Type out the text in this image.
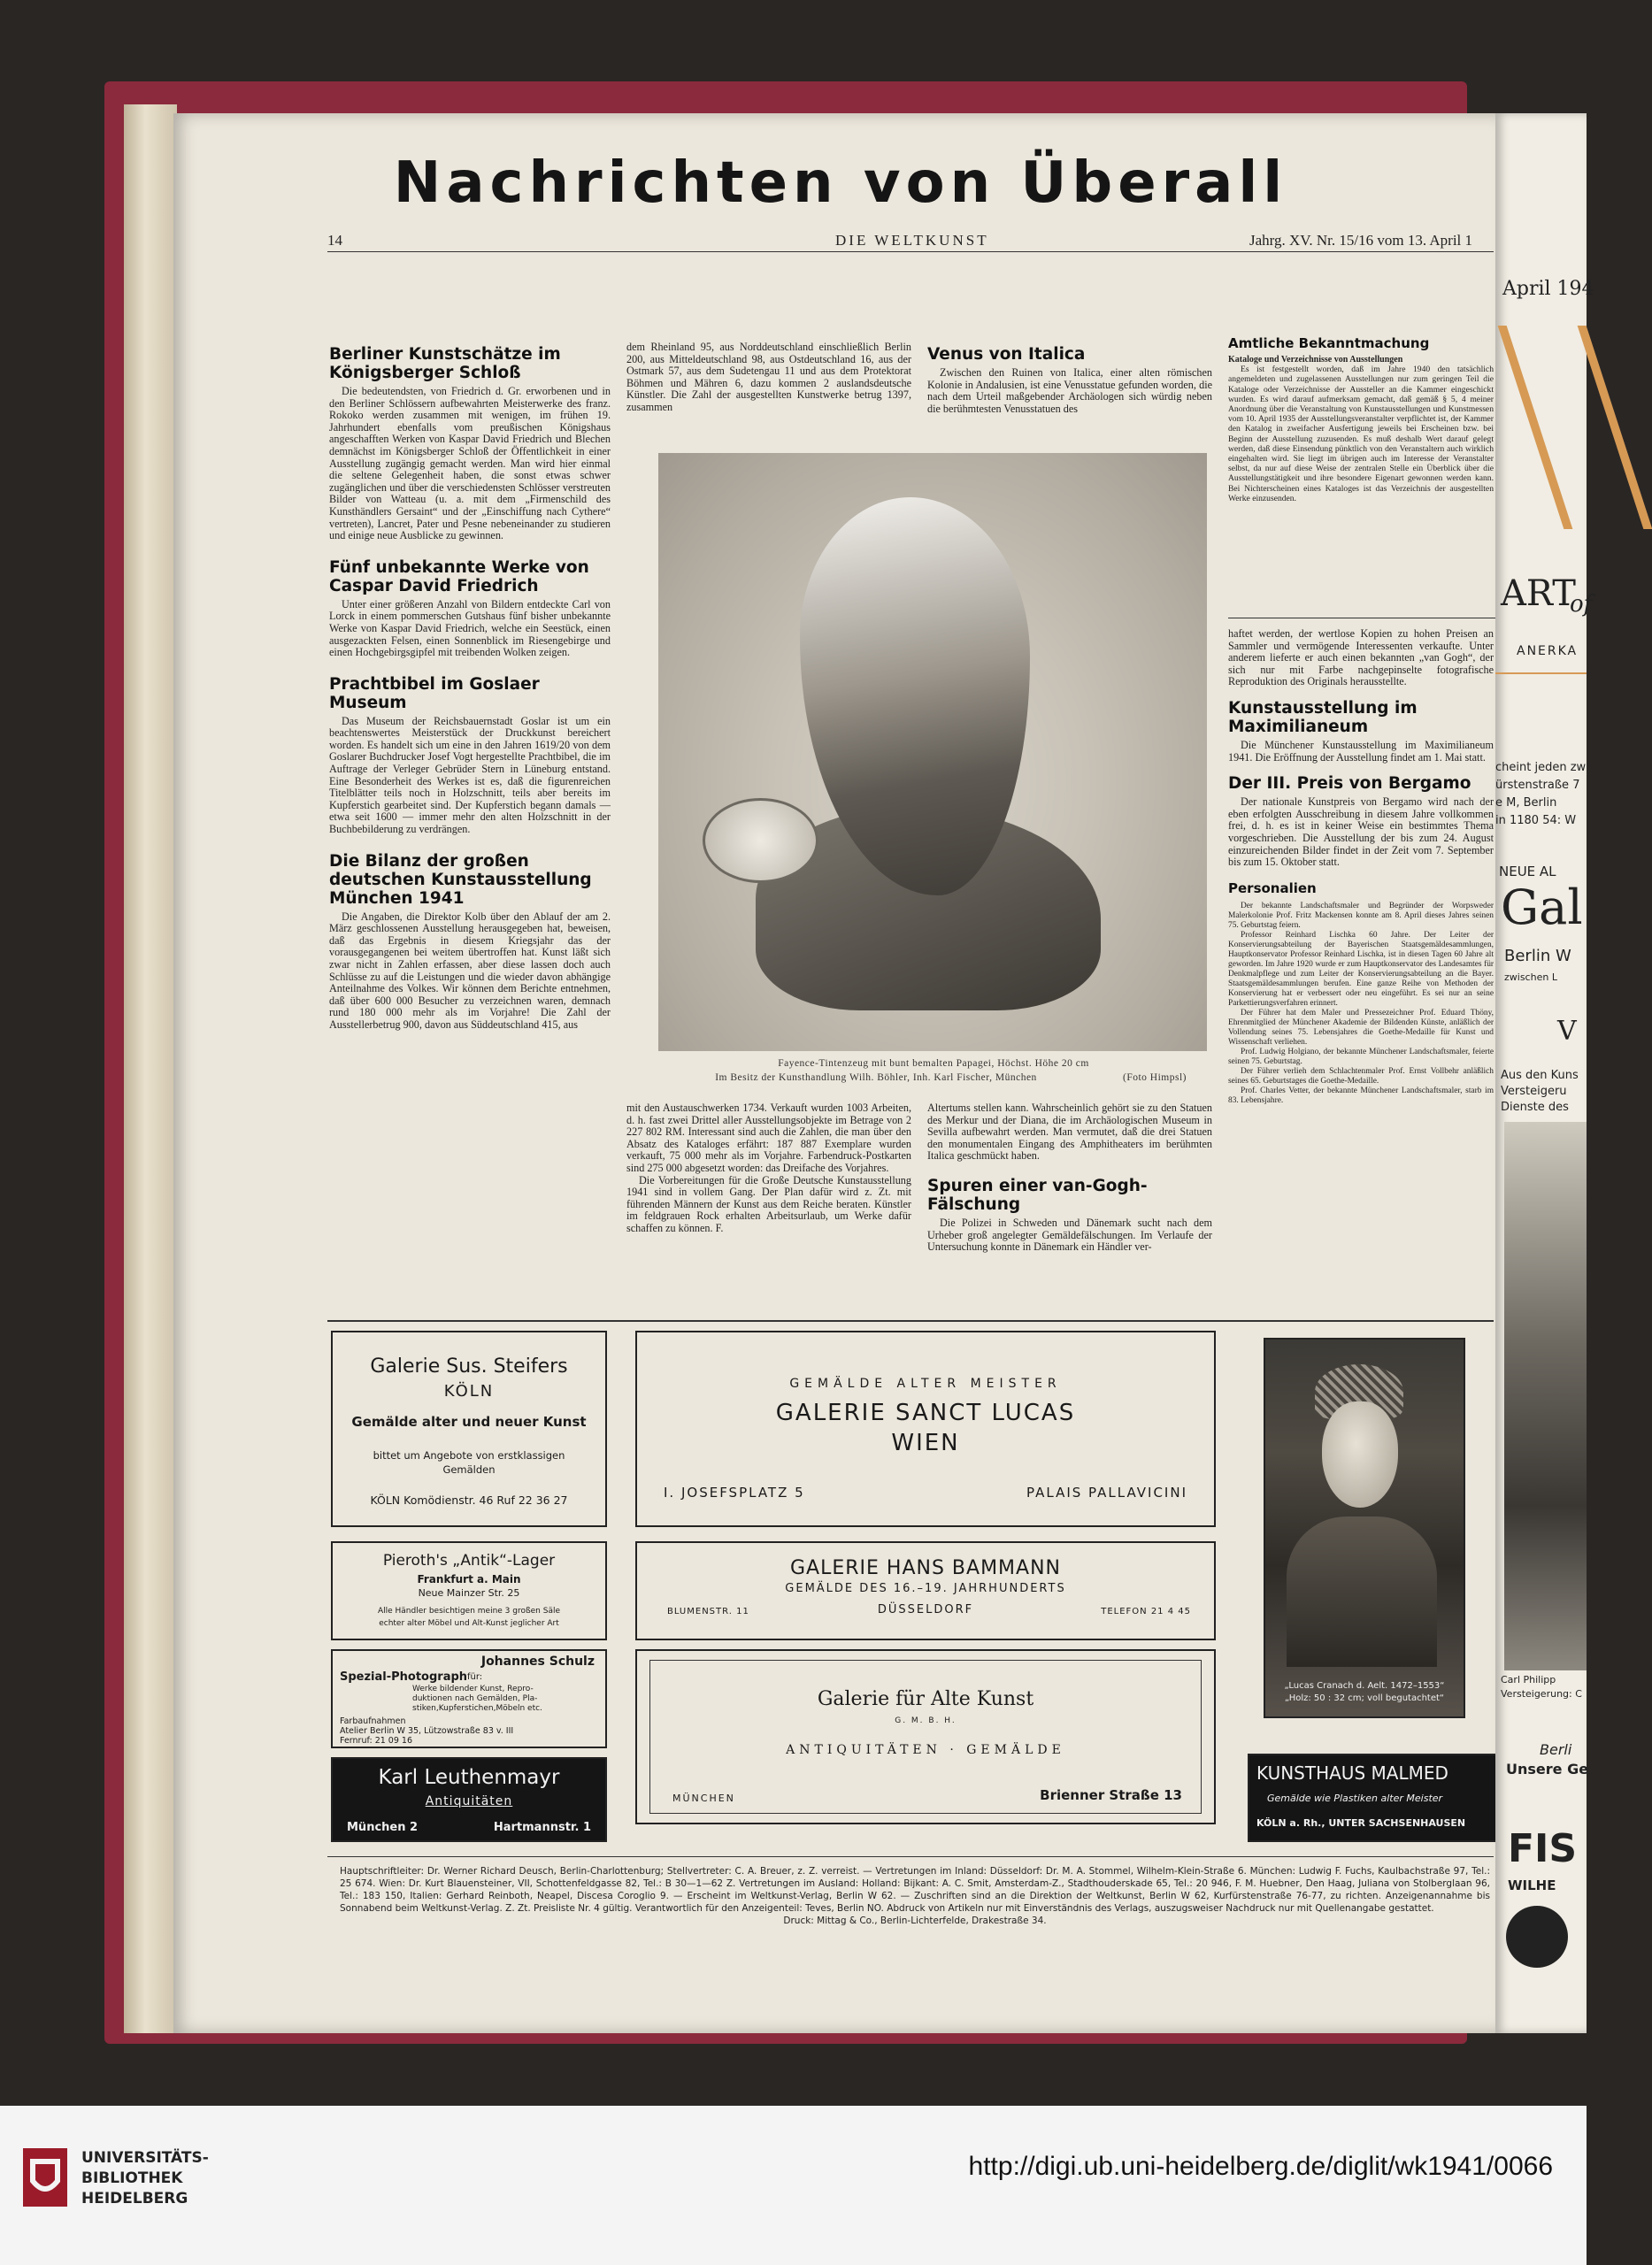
14	DIE WELTKUNST	Jahrg. XV. Nr. 15/16 vom 13. April 1
Nachrichten von Überall
Berliner Kunstschätze im Königsberger Schloß

Die bedeutendsten, von Friedrich d. Gr. erworbenen und in den Berliner Schlössern aufbewahrten Meisterwerke des franz. Rokoko werden zusammen mit wenigen, im frühen 19. Jahrhundert ebenfalls vom preußischen Königshaus angeschafften Werken von Kaspar David Friedrich und Blechen demnächst im Königsberger Schloß der Öffentlichkeit in einer Ausstellung zugängig gemacht werden. Man wird hier einmal die seltene Gelegenheit haben, die sonst etwas schwer zugänglichen und über die verschiedensten Schlösser verstreuten Bilder von Watteau (u. a. mit dem „Firmenschild des Kunsthändlers Gersaint“ und der „Einschiffung nach Cythere“ vertreten), Lancret, Pater und Pesne nebeneinander zu studieren und einige neue Ausblicke zu gewinnen.

Fünf unbekannte Werke von Caspar David Friedrich

Unter einer größeren Anzahl von Bildern entdeckte Carl von Lorck in einem pommerschen Gutshaus fünf bisher unbekannte Werke von Kaspar David Friedrich, welche ein Seestück, einen ausgezackten Felsen, einen Sonnenblick im Riesengebirge und einen Hochgebirgsgipfel mit treibenden Wolken zeigen.

Prachtbibel im Goslaer Museum

Das Museum der Reichsbauernstadt Goslar ist um ein beachtenswertes Meisterstück der Druckkunst bereichert worden. Es handelt sich um eine in den Jahren 1619/20 von dem Goslarer Buchdrucker Josef Vogt hergestellte Prachtbibel, die im Auftrage der Verleger Gebrüder Stern in Lüneburg entstand. Eine Besonderheit des Werkes ist es, daß die figurenreichen Titelblätter teils noch in Holzschnitt, teils aber bereits im Kupferstich gearbeitet sind. Der Kupferstich begann damals — etwa seit 1600 — immer mehr den alten Holzschnitt in der Buchbebilderung zu verdrängen.

Die Bilanz der großen deutschen Kunstausstellung München 1941

Die Angaben, die Direktor Kolb über den Ablauf der am 2. März geschlossenen Ausstellung herausgegeben hat, beweisen, daß das Ergebnis in diesem Kriegsjahr das der vorausgegangenen bei weitem übertroffen hat. Kunst läßt sich zwar nicht in Zahlen erfassen, aber diese lassen doch auch Schlüsse zu auf die Leistungen und die wieder davon abhängige Anteilnahme des Volkes. Wir können dem Berichte entnehmen, daß über 600 000 Besucher zu verzeichnen waren, demnach rund 180 000 mehr als im Vorjahre! Die Zahl der Ausstellerbetrug 900, davon aus Süddeutschland 415, aus

dem Rheinland 95, aus Norddeutschland einschließlich Berlin 200, aus Mitteldeutschland 98, aus Ostdeutschland 16, aus der Ostmark 57, aus dem Sudetengau 11 und aus dem Protektorat Böhmen und Mähren 6, dazu kommen 2 auslandsdeutsche Künstler. Die Zahl der ausgestellten Kunstwerke betrug 1397, zusammen

Venus von Italica

Zwischen den Ruinen von Italica, einer alten römischen Kolonie in Andalusien, ist eine Venusstatue gefunden worden, die nach dem Urteil maßgebender Archäologen sich würdig neben die berühmtesten Venusstatuen des

Fayence-Tintenzeug mit bunt bemalten Papagei, Höchst. Höhe 20 cm
Im Besitz der Kunsthandlung Wilh. Böhler, Inh. Karl Fischer, München	(Foto Himpsl)

mit den Austauschwerken 1734. Verkauft wurden 1003 Arbeiten, d. h. fast zwei Drittel aller Ausstellungsobjekte im Betrage von 2 227 802 RM. Interessant sind auch die Zahlen, die man über den Absatz des Kataloges erfährt: 187 887 Exemplare wurden verkauft, 75 000 mehr als im Vorjahre. Farbendruck-Postkarten sind 275 000 abgesetzt worden: das Dreifache des Vorjahres.

Die Vorbereitungen für die Große Deutsche Kunstausstellung 1941 sind in vollem Gang. Der Plan dafür wird z. Zt. mit führenden Männern der Kunst aus dem Reiche beraten. Künstler im feldgrauen Rock erhalten Arbeitsurlaub, um Werke dafür schaffen zu können. F.

Altertums stellen kann. Wahrscheinlich gehört sie zu den Statuen des Merkur und der Diana, die im Archäologischen Museum in Sevilla aufbewahrt werden. Man vermutet, daß die drei Statuen den monumentalen Eingang des Amphitheaters im berühmten Italica geschmückt haben.

Spuren einer van-Gogh-Fälschung

Die Polizei in Schweden und Dänemark sucht nach dem Urheber groß angelegter Gemäldefälschungen. Im Verlaufe der Untersuchung konnte in Dänemark ein Händler ver-

Amtliche Bekanntmachung
Kataloge und Verzeichnisse von Ausstellungen

Es ist festgestellt worden, daß im Jahre 1940 den tatsächlich angemeldeten und zugelassenen Ausstellungen nur zum geringen Teil die Kataloge oder Verzeichnisse der Aussteller an die Kammer eingeschickt wurden. Es wird darauf aufmerksam gemacht, daß gemäß § 5, 4 meiner Anordnung über die Veranstaltung von Kunstausstellungen und Kunstmessen vom 10. April 1935 der Ausstellungsveranstalter verpflichtet ist, der Kammer den Katalog in zweifacher Ausfertigung jeweils bei Erscheinen bzw. bei Beginn der Ausstellung zuzusenden. Es muß deshalb Wert darauf gelegt werden, daß diese Einsendung pünktlich von den Veranstaltern auch wirklich eingehalten wird. Sie liegt im übrigen auch im Interesse der Veranstalter selbst, da nur auf diese Weise der zentralen Stelle ein Überblick über die Ausstellungstätigkeit und ihre besondere Eigenart gewonnen werden kann. Bei Nichterscheinen eines Kataloges ist das Verzeichnis der ausgestellten Werke einzusenden.

haftet werden, der wertlose Kopien zu hohen Preisen an Sammler und vermögende Interessenten verkaufte. Unter anderem lieferte er auch einen bekannten „van Gogh“, der sich nur mit Farbe nachgepinselte fotografische Reproduktion des Originals herausstellte.

Kunstausstellung im Maximilianeum

Die Münchener Kunstausstellung im Maximilianeum 1941. Die Eröffnung der Ausstellung findet am 1. Mai statt.

Der III. Preis von Bergamo

Der nationale Kunstpreis von Bergamo wird nach der eben erfolgten Ausschreibung in diesem Jahre vollkommen frei, d. h. es ist in keiner Weise ein bestimmtes Thema vorgeschrieben. Die Ausstellung der bis zum 24. August einzureichenden Bilder findet in der Zeit vom 7. September bis zum 15. Oktober statt.

Personalien

Der bekannte Landschaftsmaler und Begründer der Worpsweder Malerkolonie Prof. Fritz Mackensen konnte am 8. April dieses Jahres seinen 75. Geburtstag feiern.

Professor Reinhard Lischka 60 Jahre. Der Leiter der Konservierungsabteilung der Bayerischen Staatsgemäldesammlungen, Hauptkonservator Professor Reinhard Lischka, ist in diesen Tagen 60 Jahre alt geworden. Im Jahre 1920 wurde er zum Hauptkonservator des Landesamtes für Denkmalpflege und zum Leiter der Konservierungsabteilung an die Bayer. Staatsgemäldesammlungen berufen. Eine ganze Reihe von Methoden der Konservierung hat er verbessert oder neu eingeführt. Es sei nur an seine Parkettierungsverfahren erinnert.

Der Führer hat dem Maler und Pressezeichner Prof. Eduard Thöny, Ehrenmitglied der Münchener Akademie der Bildenden Künste, anläßlich der Vollendung seines 75. Lebensjahres die Goethe-Medaille für Kunst und Wissenschaft verliehen.

Prof. Ludwig Holgiano, der bekannte Münchener Landschaftsmaler, feierte seinen 75. Geburtstag.

Der Führer verlieh dem Schlachtenmaler Prof. Ernst Vollbehr anläßlich seines 65. Geburtstages die Goethe-Medaille.

Prof. Charles Vetter, der bekannte Münchener Landschaftsmaler, starb im 83. Lebensjahre.

Galerie Sus. Steifers
KÖLN
Gemälde alter und neuer Kunst
bittet um Angebote von erstklassigen
Gemälden
KÖLN Komödienstr. 46 Ruf 22 36 27
GEMÄLDE ALTER MEISTER
GALERIE SANCT LUCAS
WIEN
I. JOSEFSPLATZ 5	PALAIS PALLAVICINI
Pieroth's „Antik“-Lager
Frankfurt a. Main
Neue Mainzer Str. 25
Alle Händler besichtigen meine 3 großen Säle
echter alter Möbel und Alt-Kunst jeglicher Art
GALERIE HANS BAMMANN
GEMÄLDE DES 16.–19. JAHRHUNDERTS
BLUMENSTR. 11	DÜSSELDORF	TELEFON 21 4 45
Johannes Schulz
Spezial-Photograph für:
Werke bildender Kunst, Repro-
duktionen nach Gemälden, Pla-
stiken,Kupferstichen,Möbeln etc.
Farbaufnahmen
Atelier Berlin W 35, Lützowstraße 83 v. III
Fernruf: 21 09 16
Galerie für Alte Kunst
G. M. B. H.
ANTIQUITÄTEN · GEMÄLDE
MÜNCHEN	Brienner Straße 13
Karl Leuthenmayr
Antiquitäten
München 2	Hartmannstr. 1
„Lucas Cranach d. Aelt. 1472–1553“
„Holz: 50 : 32 cm; voll begutachtet“
KUNSTHAUS MALMED
Gemälde wie Plastiken alter Meister
KÖLN a. Rh., UNTER SACHSENHAUSEN
Hauptschriftleiter: Dr. Werner Richard Deusch, Berlin-Charlottenburg; Stellvertreter: C. A. Breuer, z. Z. verreist. — Vertretungen im Inland: Düsseldorf: Dr. M. A. Stommel, Wilhelm-Klein-Straße 6. München: Ludwig F. Fuchs, Kaulbachstraße 97, Tel.: 25 674. Wien: Dr. Kurt Blauensteiner, VII, Schottenfeldgasse 82, Tel.: B 30—1—62 Z. Vertretungen im Ausland: Holland: Bijkant: A. C. Smit, Amsterdam-Z., Stadthouderskade 65, Tel.: 20 946, F. M. Huebner, Den Haag, Juliana von Stolberglaan 96, Tel.: 183 150, Italien: Gerhard Reinboth, Neapel, Discesa Coroglio 9. — Erscheint im Weltkunst-Verlag, Berlin W 62. — Zuschriften sind an die Direktion der Weltkunst, Berlin W 62, Kurfürstenstraße 76-77, zu richten. Anzeigenannahme bis Sonnabend beim Weltkunst-Verlag. Z. Zt. Preisliste Nr. 4 gültig. Verantwortlich für den Anzeigenteil: Teves, Berlin NO. Abdruck von Artikeln nur mit Einverständnis des Verlags, auszugsweiser Nachdruck nur mit Quellenangabe gestattet.
Druck: Mittag & Co., Berlin-Lichterfelde, Drakestraße 34.
April 194
ART
of
ANERKA
cheint jeden zw
ürstenstraße 7
e M, Berlin
in 1180 54: W
NEUE AL
Gal
Berlin W
zwischen L
V
Aus den Kuns
Versteigeru
Dienste des
Carl Philipp
Versteigerung: C
Berli
Unsere Ge
FIS
WILHE
UNIVERSITÄTS-
BIBLIOTHEK
HEIDELBERG
http://digi.ub.uni-heidelberg.de/diglit/wk1941/0066
